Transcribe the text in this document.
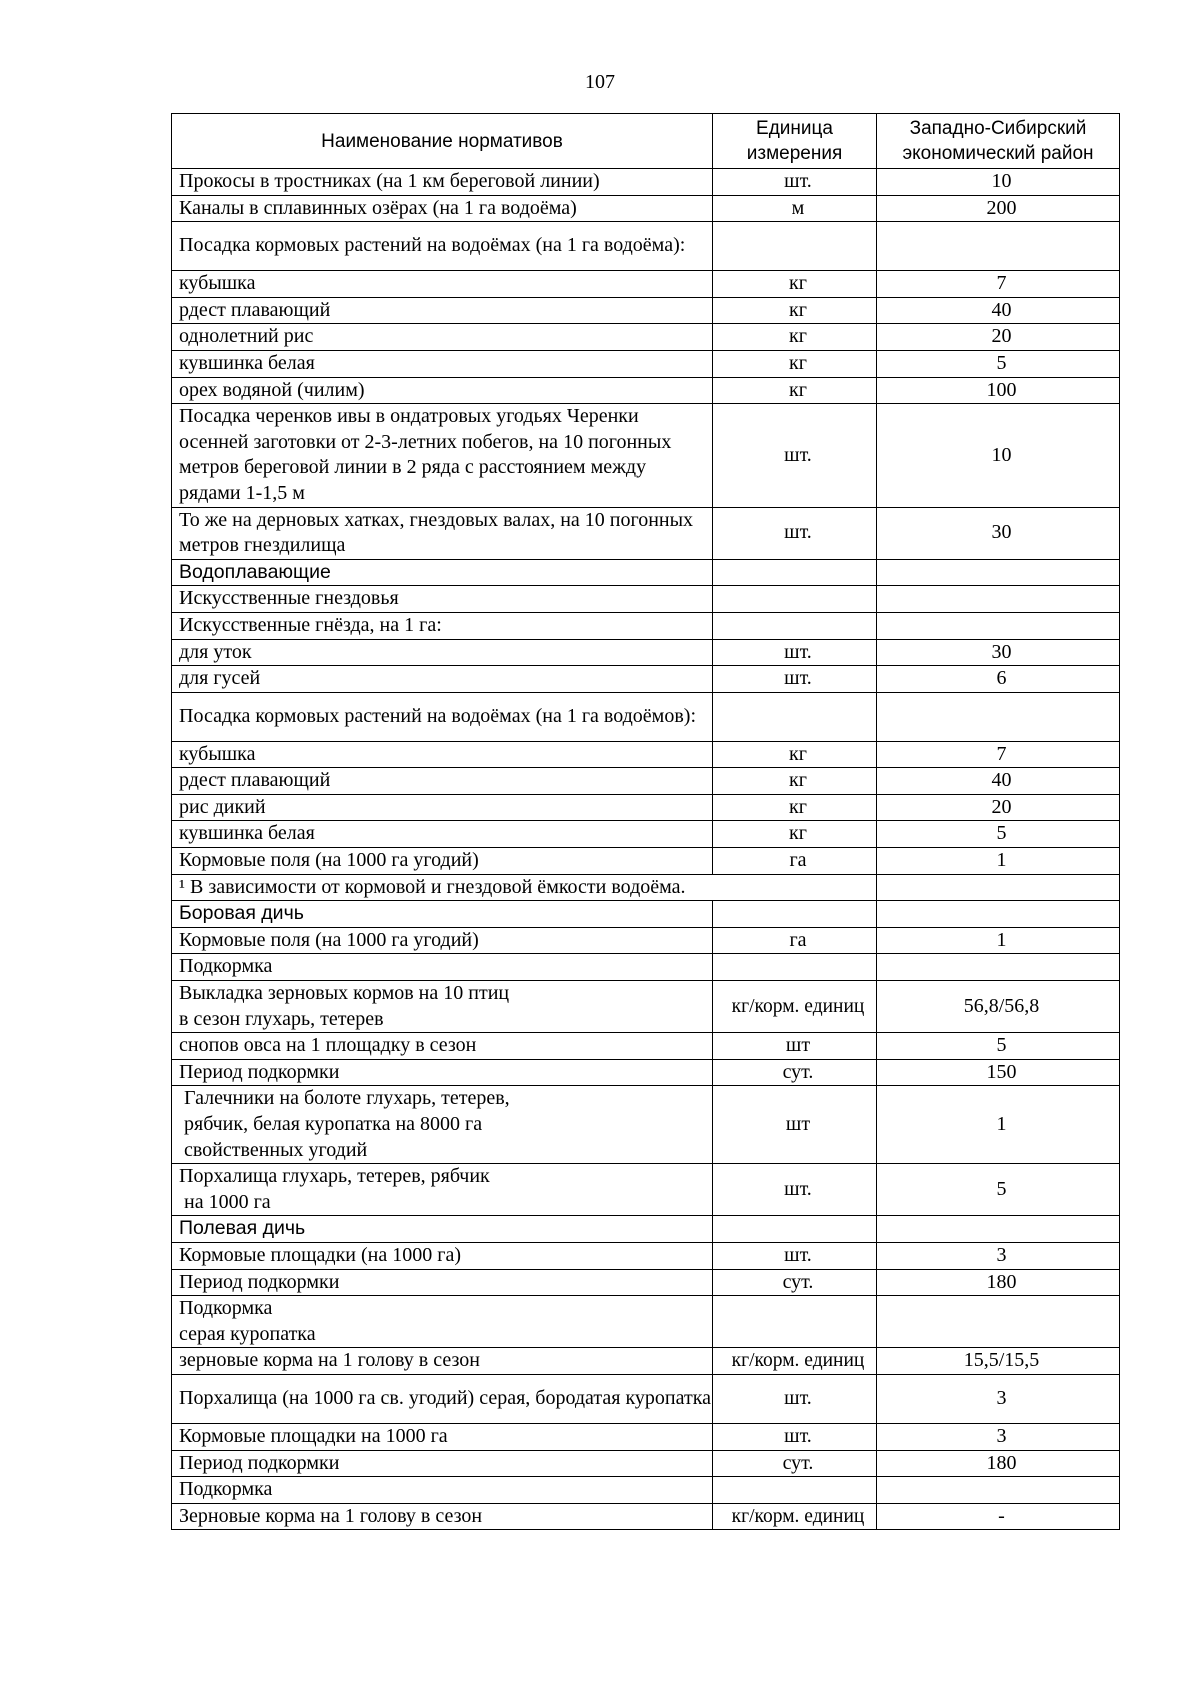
107
Наименование нормативов	Единица измерения	Западно-Сибирский экономический район
Прокосы в тростниках (на 1 км береговой линии)	шт.	10
Каналы в сплавинных озёрах (на 1 га водоёма)	м	200
Посадка кормовых растений на водоёмах (на 1 га водоёма):		
кубышка	кг	7
рдест плавающий	кг	40
однолетний рис	кг	20
кувшинка белая	кг	5
орех водяной (чилим)	кг	100
Посадка черенков ивы в ондатровых угодьях Черенки осенней заготовки от 2-3-летних побегов, на 10 погонных метров береговой линии в 2 ряда с расстоянием между рядами 1-1,5 м	шт.	10
То же на дерновых хатках, гнездовых валах, на 10 погонных метров гнездилища	шт.	30
Водоплавающие		
Искусственные гнездовья		
Искусственные гнёзда, на 1 га:		
для уток	шт.	30
для гусей	шт.	6
Посадка кормовых растений на водоёмах (на 1 га водоёмов):		
кубышка	кг	7
рдест плавающий	кг	40
рис дикий	кг	20
кувшинка белая	кг	5
Кормовые поля (на 1000 га угодий)	га	1
¹ В зависимости от кормовой и гнездовой ёмкости водоёма.		
Боровая дичь		
Кормовые поля (на 1000 га угодий)	га	1
Подкормка		
Выкладка зерновых кормов на 10 птиц
в сезон глухарь, тетерев	кг/корм. единиц	56,8/56,8
снопов овса на 1 площадку в сезон	шт	5
Период подкормки	сут.	150
Галечники на болоте глухарь, тетерев,
рябчик, белая куропатка на 8000 га
свойственных угодий	шт	1
Порхалища глухарь, тетерев, рябчик
на 1000 га	шт.	5
Полевая дичь		
Кормовые площадки (на 1000 га)	шт.	3
Период подкормки	сут.	180
Подкормка
серая куропатка		
зерновые корма на 1 голову в сезон	кг/корм. единиц	15,5/15,5
Порхалища (на 1000 га св. угодий) серая, бородатая куропатка	шт.	3
Кормовые площадки на 1000 га	шт.	3
Период подкормки	сут.	180
Подкормка		
Зерновые корма на 1 голову в сезон	кг/корм. единиц	-
